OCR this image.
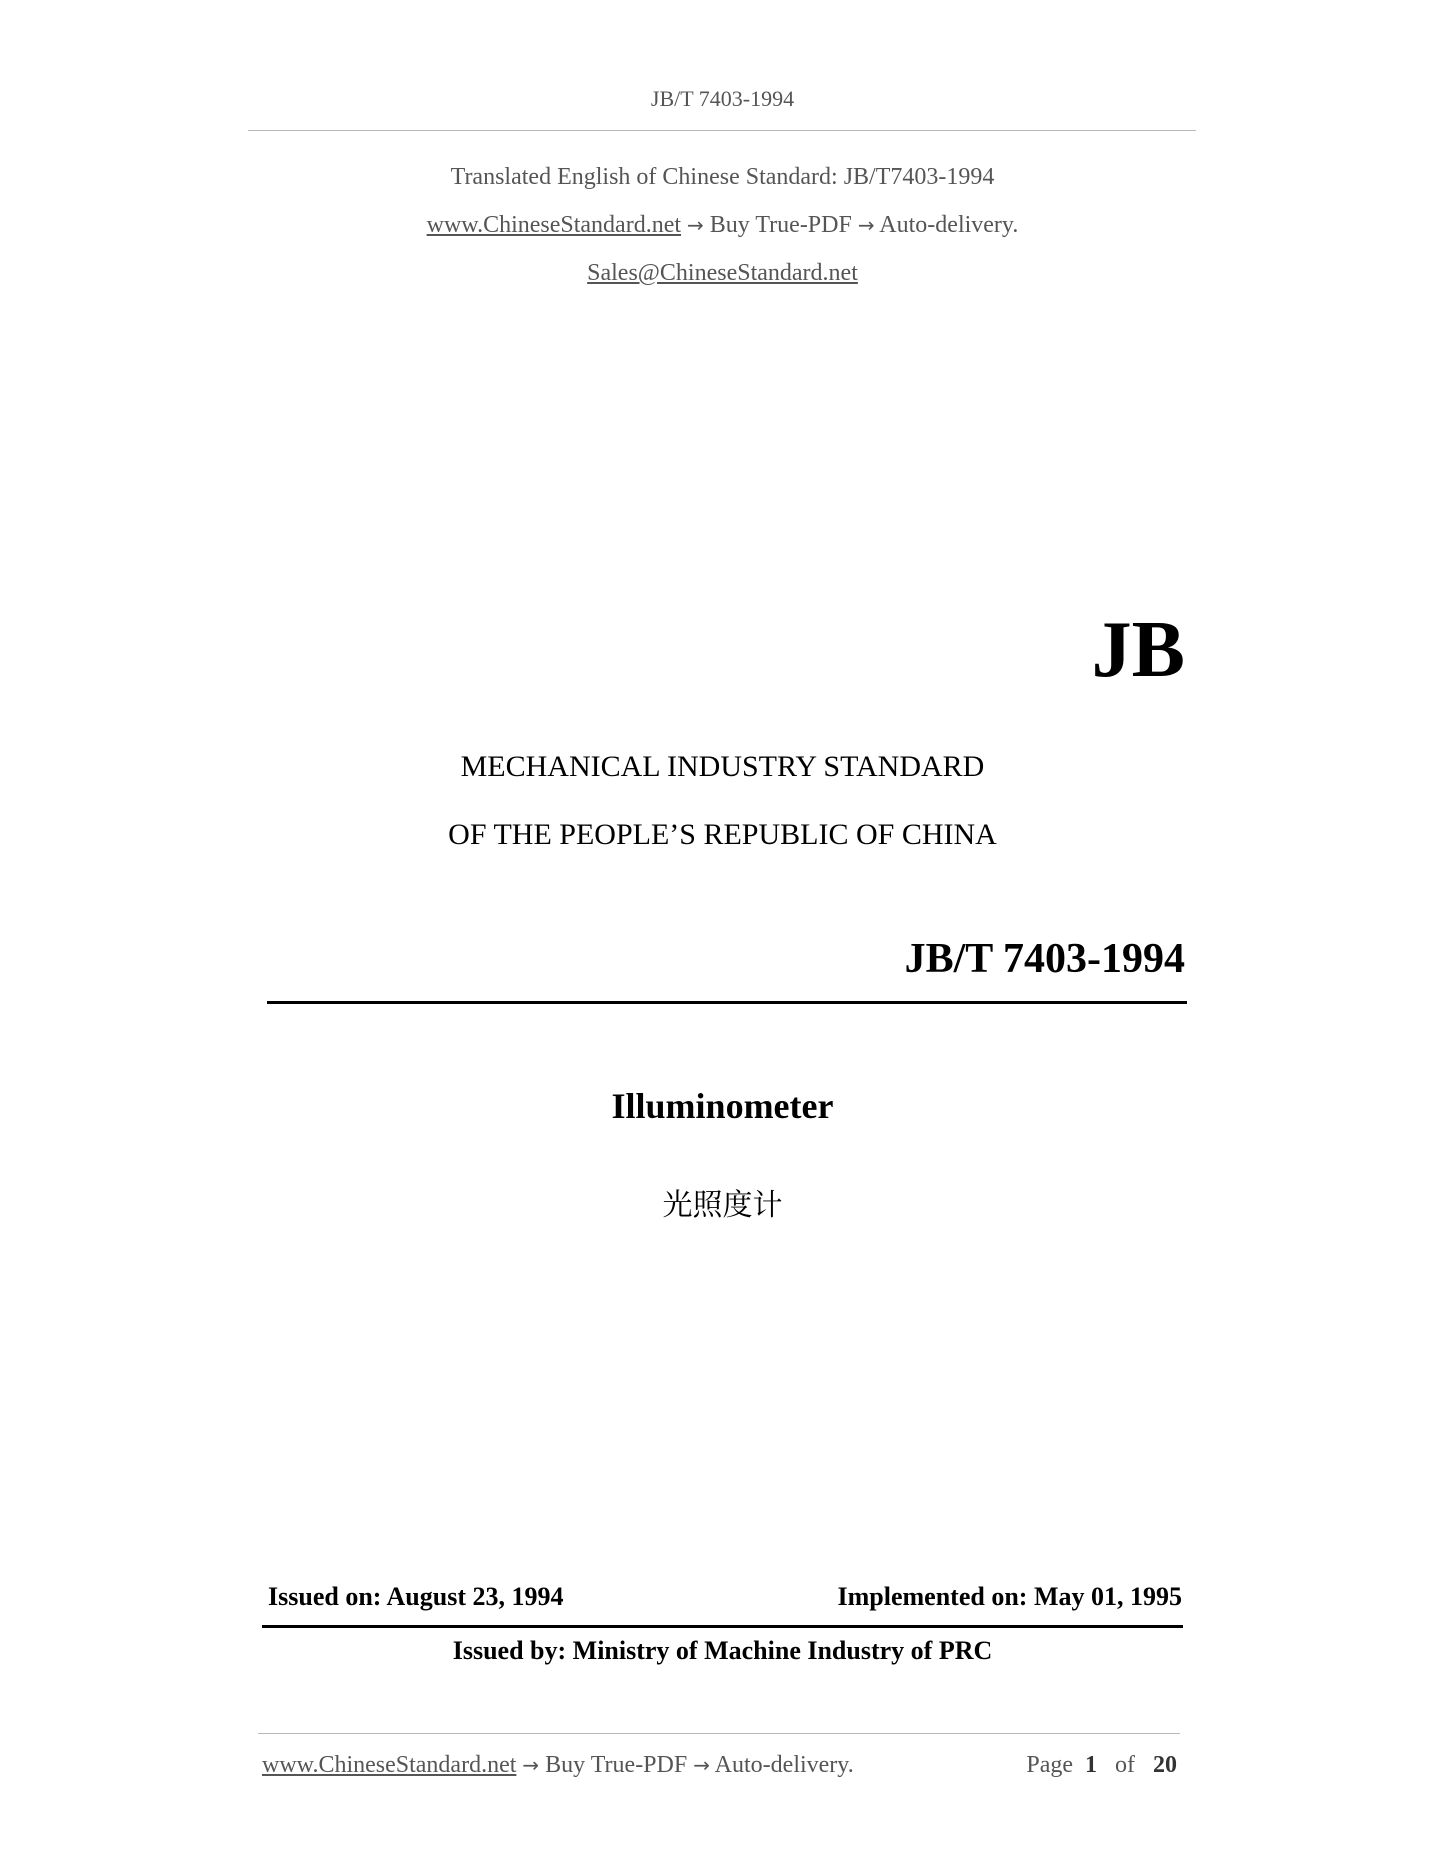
JB/T 7403-1994
Translated English of Chinese Standard: JB/T7403-1994
www.ChineseStandard.net → Buy True-PDF → Auto-delivery.
Sales@ChineseStandard.net
JB
MECHANICAL INDUSTRY STANDARD
OF THE PEOPLE’S REPUBLIC OF CHINA
JB/T 7403-1994
Illuminometer
光照度计
Issued on: August 23, 1994	Implemented on: May 01, 1995
Issued by: Ministry of Machine Industry of PRC
www.ChineseStandard.net → Buy True-PDF → Auto-delivery.	Page 1 of 20
